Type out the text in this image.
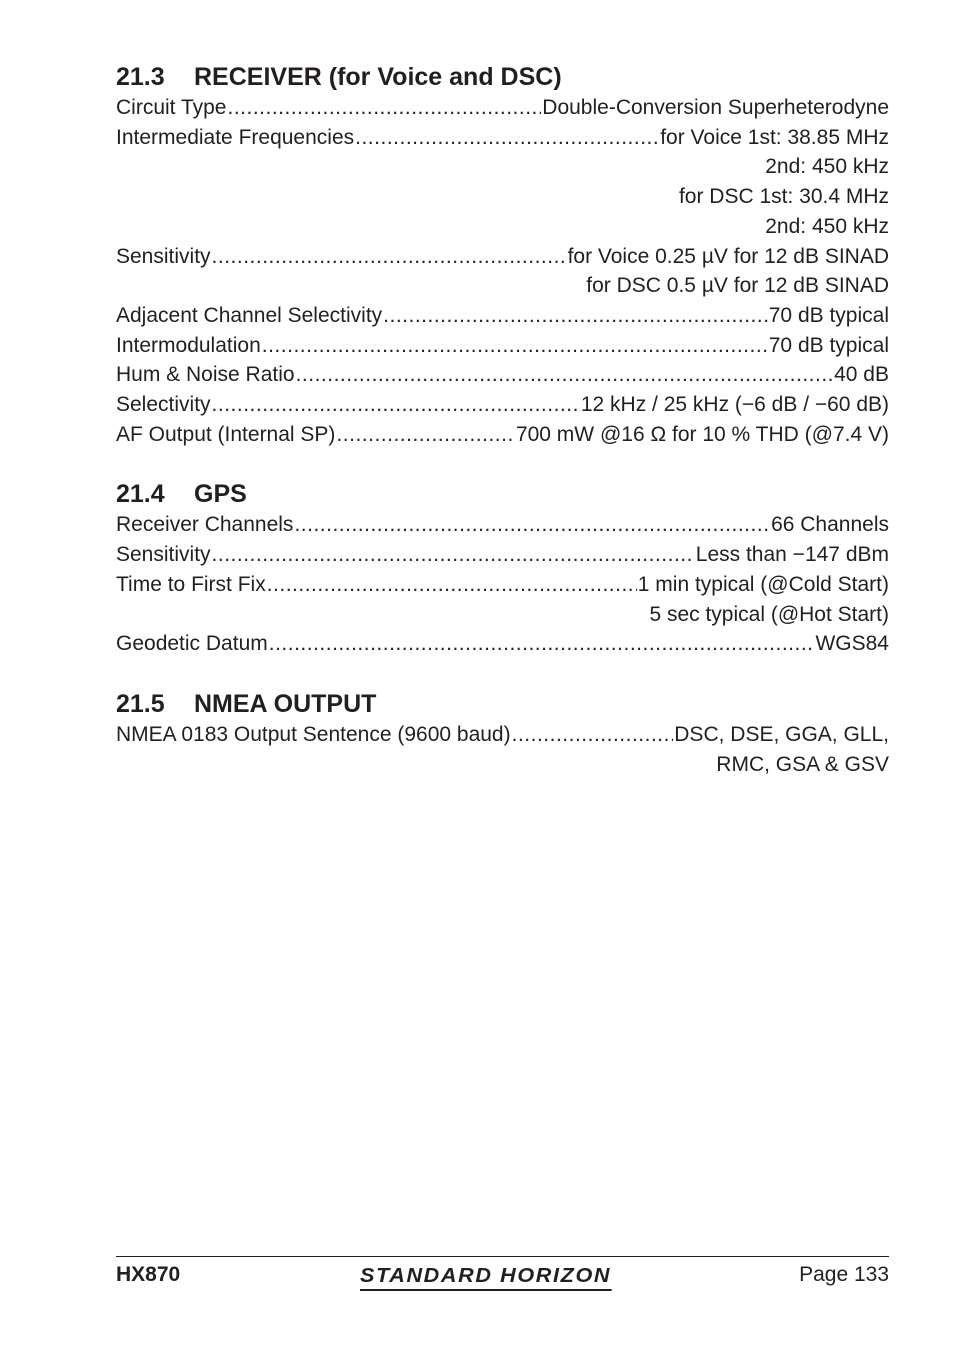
21.3	RECEIVER (for Voice and DSC)
Circuit Type .....	Double-Conversion Superheterodyne
Intermediate Frequencies .....	for Voice 1st: 38.85 MHz
2nd: 450 kHz
for DSC 1st: 30.4 MHz
2nd: 450 kHz
Sensitivity .....	for Voice 0.25 µV for 12 dB SINAD
for DSC 0.5 µV for 12 dB SINAD
Adjacent Channel Selectivity .....	70 dB typical
Intermodulation .....	70 dB typical
Hum & Noise Ratio .....	40 dB
Selectivity .....	12 kHz / 25 kHz (−6 dB / −60 dB)
AF Output (Internal SP) .....	700 mW @16 Ω for 10 % THD (@7.4 V)
21.4	GPS
Receiver Channels .....	66 Channels
Sensitivity .....	Less than −147 dBm
Time to First Fix .....	1 min typical (@Cold Start)
5 sec typical (@Hot Start)
Geodetic Datum .....	WGS84
21.5	NMEA OUTPUT
NMEA 0183 Output Sentence (9600 baud) .....	DSC, DSE, GGA, GLL,
RMC, GSA & GSV
HX870	STANDARD HORIZON	Page 133
